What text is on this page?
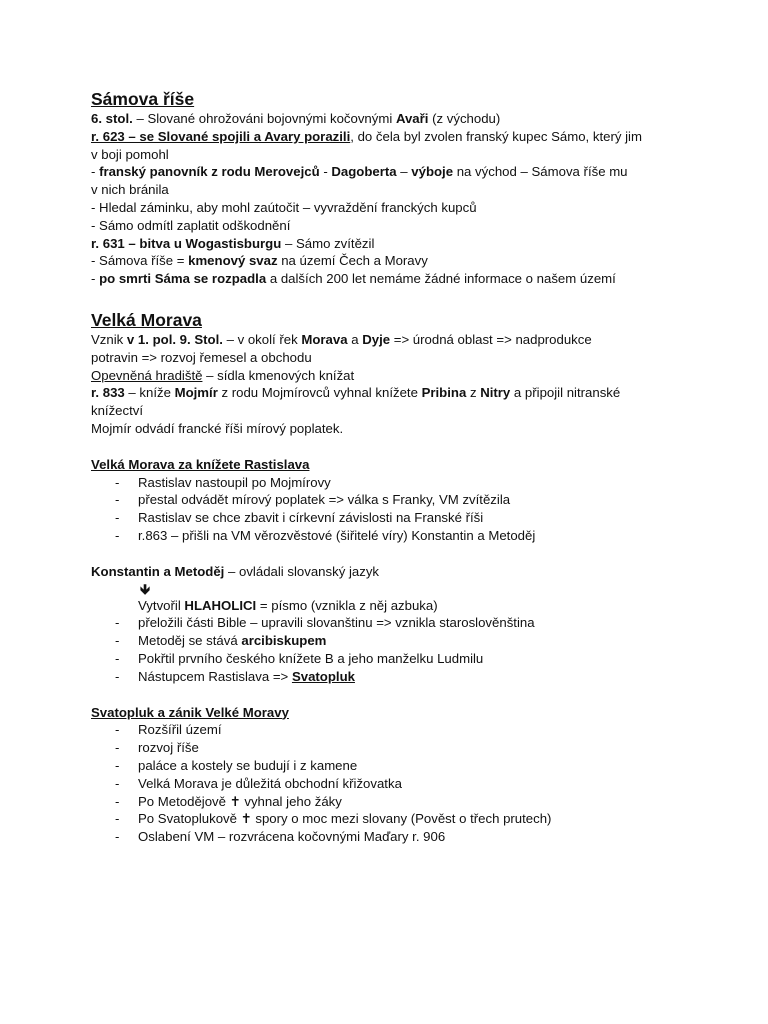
Sámova říše
6. stol. – Slované ohrožováni bojovnými kočovnými Avaři (z východu)
r. 623 – se Slované spojili a Avary porazili, do čela byl zvolen franský kupec Sámo, který jim
v boji pomohl
- franský panovník z rodu Merovejců - Dagoberta – výboje na východ – Sámova říše mu
v nich bránila
- Hledal záminku, aby mohl zaútočit – vyvraždění franckých kupců
- Sámo odmítl zaplatit odškodnění
r. 631 – bitva u Wogastisburgu – Sámo zvítězil
- Sámova říše = kmenový svaz na území Čech a Moravy
- po smrti Sáma se rozpadla a dalších 200 let nemáme žádné informace o našem území
Velká Morava
Vznik v 1. pol. 9. Stol. – v okolí řek Morava a Dyje => úrodná oblast => nadprodukce
potravin => rozvoj řemesel a obchodu
Opevněná hradiště – sídla kmenových knížat
r. 833 – kníže Mojmír z rodu Mojmírovců vyhnal knížete Pribina z Nitry a připojil nitranské
knížectví
Mojmír odvádí francké říši mírový poplatek.
Velká Morava za knížete Rastislava
- Rastislav nastoupil po Mojmírovy
- přestal odvádět mírový poplatek => válka s Franky, VM zvítězila
- Rastislav se chce zbavit i církevní závislosti na Franské říši
- r.863 – přišli na VM věrozvěstové (šiřitelé víry) Konstantin a Metoděj
Konstantin a Metoděj – ovládali slovanský jazyk
🡻
Vytvořil HLAHOLICI = písmo (vznikla z něj azbuka)
- přeložili části Bible – upravili slovanštinu => vznikla staroslověnština
- Metoděj se stává arcibiskupem
- Pokřtil prvního českého knížete B a jeho manželku Ludmilu
- Nástupcem Rastislava => Svatopluk
Svatopluk a zánik Velké Moravy
- Rozšířil území
- rozvoj říše
- paláce a kostely se budují i z kamene
- Velká Morava je důležitá obchodní křižovatka
- Po Metodějově ✝ vyhnal jeho žáky
- Po Svatoplukově ✝ spory o moc mezi slovany (Pověst o třech prutech)
- Oslabení VM – rozvrácena kočovnými Maďary r. 906
